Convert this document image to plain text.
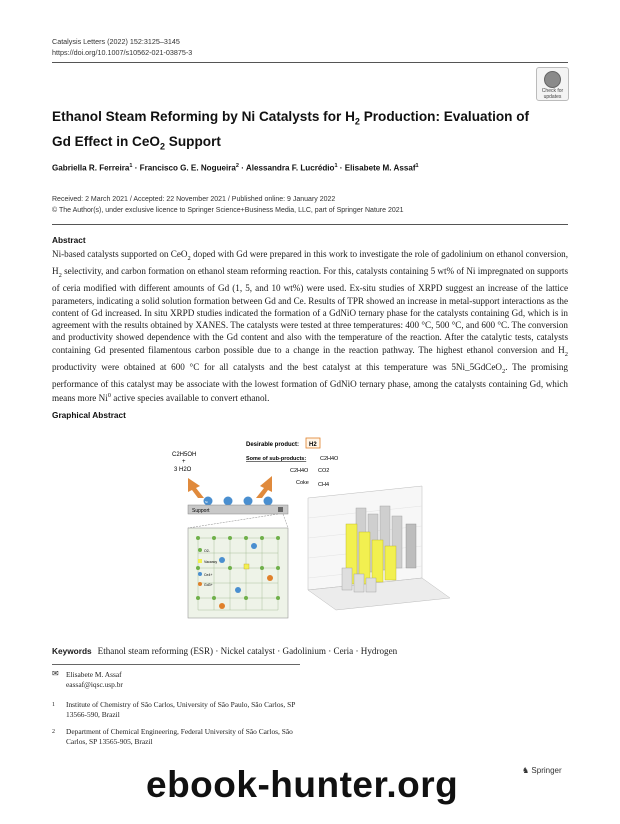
Catalysis Letters (2022) 152:3125–3145
https://doi.org/10.1007/s10562-021-03875-3
Check for
updates
Ethanol Steam Reforming by Ni Catalysts for $H_2$ Production: Evaluation of Gd Effect in CeO$_2$ Support
Gabriella R. Ferreira$^1$ · Francisco G. E. Nogueira$^2$ · Alessandra F. Lucrédio$^1$ · Elisabete M. Assaf$^1$
Received: 2 March 2021 / Accepted: 22 November 2021 / Published online: 9 January 2022
© The Author(s), under exclusive licence to Springer Science+Business Media, LLC, part of Springer Nature 2021
Abstract

Ni-based catalysts supported on CeO$_2$ doped with Gd were prepared in this work to investigate the role of gadolinium on ethanol conversion, $H_2$ selectivity, and carbon formation on ethanol steam reforming reaction. For this, catalysts containing 5 wt% of Ni impregnated on supports of ceria modified with different amounts of Gd (1, 5, and 10 wt%) were used. Ex-situ studies of XRPD suggest an increase of the lattice parameters, indicating a solid solution formation between Gd and Ce. Results of TPR showed an increase in metal-support interactions as the content of Gd increased. In situ XRPD studies indicated the formation of a GdNiO ternary phase for the catalysts containing Gd, which is in agreement with the results obtained by XANES. The catalysts were tested at three temperatures: 400 °C, 500 °C, and 600 °C. The conversion and productivity showed dependence with the Gd content and also with the temperature of the reaction. After the catalytic tests, catalysts containing Gd presented filamentous carbon possible due to a change in the reaction pathway. The highest ethanol conversion and $H_2$ productivity were obtained at 600 °C for all catalysts and the best catalyst at this temperature was 5Ni_5GdCeO$_2$. The promising performance of this catalyst may be associate with the lowest formation of GdNiO ternary phase, among the catalysts containing Gd, which means more Ni$^0$ active species available to convert ethanol.

Graphical Abstract
C2H5OH
+
3 H2O
Desirable product: H2
Some of sub-products:	C2H4O
C2H4O CO2
Coke CH4
Ni
Support
O2-
Vacancy
Ce4+
Gd3+
Keywords Ethanol steam reforming (ESR) · Nickel catalyst · Gadolinium · Ceria · Hydrogen
✉ Elisabete M. Assaf
eassaf@iqsc.usp.br
1 Institute of Chemistry of São Carlos, University of São Paulo, São Carlos, SP 13566-590, Brazil
2 Department of Chemical Engineering, Federal University of São Carlos, São Carlos, SP 13565-905, Brazil
♞ Springer
ebook-hunter.org
